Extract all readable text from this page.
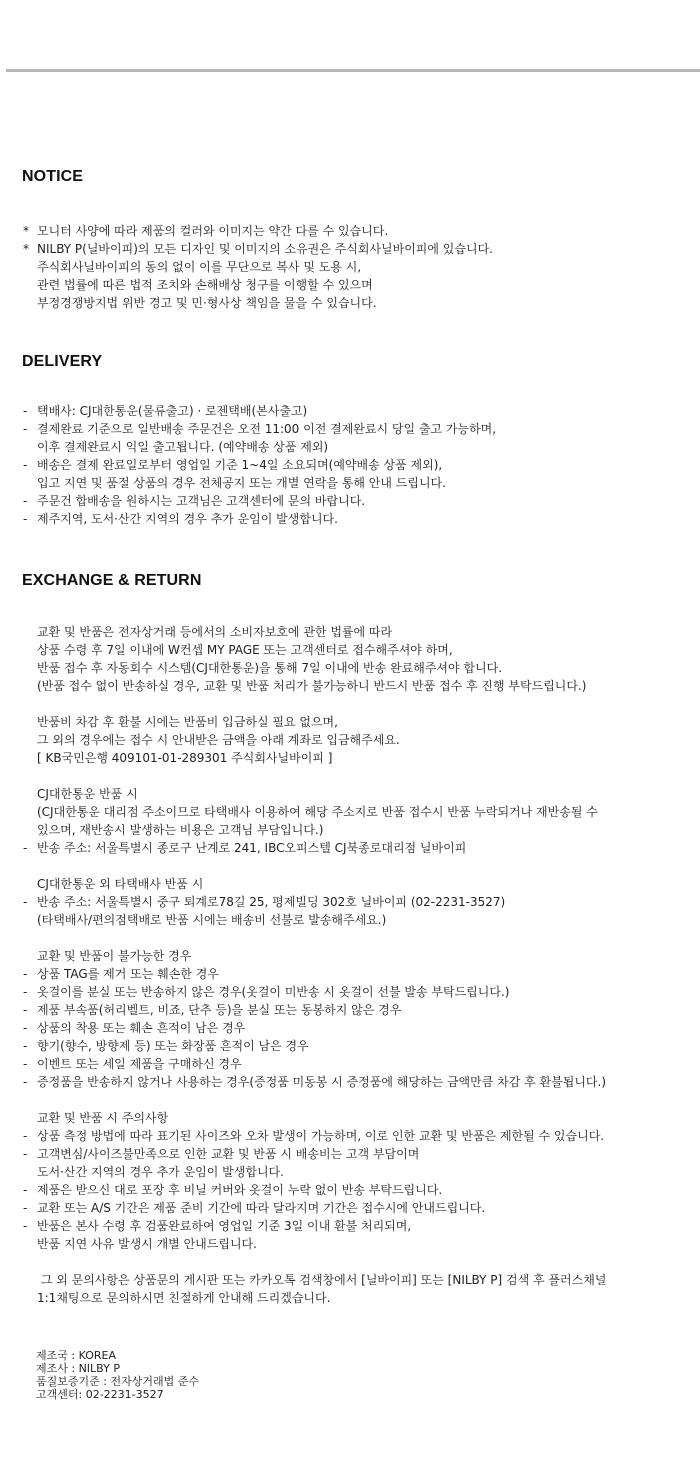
NOTICE
* 모니터 사양에 따라 제품의 컬러와 이미지는 약간 다를 수 있습니다.
* NILBY P(닐바이피)의 모든 디자인 및 이미지의 소유권은 주식회사닐바이피에 있습니다.
주식회사닐바이피의 동의 없이 이를 무단으로 복사 및 도용 시,
관련 법률에 따른 법적 조치와 손해배상 청구를 이행할 수 있으며
부정경쟁방지법 위반 경고 및 민·형사상 책임을 물을 수 있습니다.
DELIVERY
- 택배사: CJ대한통운(물류출고) · 로젠택배(본사출고)
- 결제완료 기준으로 일반배송 주문건은 오전 11:00 이전 결제완료시 당일 출고 가능하며,
이후 결제완료시 익일 출고됩니다. (예약배송 상품 제외)
- 배송은 결제 완료일로부터 영업일 기준 1~4일 소요되며(예약배송 상품 제외),
입고 지연 및 품절 상품의 경우 전체공지 또는 개별 연락을 통해 안내 드립니다.
- 주문건 합배송을 원하시는 고객님은 고객센터에 문의 바랍니다.
- 제주지역, 도서·산간 지역의 경우 추가 운임이 발생합니다.
EXCHANGE & RETURN
교환 및 반품은 전자상거래 등에서의 소비자보호에 관한 법률에 따라
상품 수령 후 7일 이내에 W컨셉 MY PAGE 또는 고객센터로 접수해주셔야 하며,
반품 접수 후 자동회수 시스템(CJ대한통운)을 통해 7일 이내에 반송 완료해주셔야 합니다.
(반품 접수 없이 반송하실 경우, 교환 및 반품 처리가 불가능하니 반드시 반품 접수 후 진행 부탁드립니다.)
반품비 차감 후 환불 시에는 반품비 입금하실 필요 없으며,
그 외의 경우에는 접수 시 안내받은 금액을 아래 계좌로 입금해주세요.
[ KB국민은행 409101-01-289301 주식회사닐바이피 ]
CJ대한통운 반품 시
(CJ대한통운 대리점 주소이므로 타택배사 이용하여 해당 주소지로 반품 접수시 반품 누락되거나 재반송될 수
있으며, 재반송시 발생하는 비용은 고객님 부담입니다.)
- 반송 주소: 서울특별시 종로구 난계로 241, IBC오피스텔 CJ북종로대리점 닐바이피
CJ대한통운 외 타택배사 반품 시
- 반송 주소: 서울특별시 중구 퇴계로78길 25, 평제빌딩 302호 닐바이피 (02-2231-3527)
(타택배사/편의점택배로 반품 시에는 배송비 선불로 발송해주세요.)
교환 및 반품이 불가능한 경우
- 상품 TAG를 제거 또는 훼손한 경우
- 옷걸이를 분실 또는 반송하지 않은 경우(옷걸이 미반송 시 옷걸이 선불 발송 부탁드립니다.)
- 제품 부속품(허리벨트, 비죠, 단추 등)을 분실 또는 동봉하지 않은 경우
- 상품의 착용 또는 훼손 흔적이 남은 경우
- 향기(향수, 방향제 등) 또는 화장품 흔적이 남은 경우
- 이벤트 또는 세일 제품을 구매하신 경우
- 증정품을 반송하지 않거나 사용하는 경우(증정품 미동봉 시 증정품에 해당하는 금액만큼 차감 후 환불됩니다.)
교환 및 반품 시 주의사항
- 상품 측정 방법에 따라 표기된 사이즈와 오차 발생이 가능하며, 이로 인한 교환 및 반품은 제한될 수 있습니다.
- 고객변심/사이즈불만족으로 인한 교환 및 반품 시 배송비는 고객 부담이며
도서·산간 지역의 경우 추가 운임이 발생합니다.
- 제품은 받으신 대로 포장 후 비닐 커버와 옷걸이 누락 없이 반송 부탁드립니다.
- 교환 또는 A/S 기간은 제품 준비 기간에 따라 달라지며 기간은 접수시에 안내드립니다.
- 반품은 본사 수령 후 검품완료하여 영업일 기준 3일 이내 환불 처리되며,
반품 지연 사유 발생시 개별 안내드립니다.
그 외 문의사항은 상품문의 게시판 또는 카카오톡 검색창에서 [닐바이피] 또는 [NILBY P] 검색 후 플러스채널
1:1채팅으로 문의하시면 친절하게 안내해 드리겠습니다.
제조국 : KOREA
제조사 : NILBY P
품질보증기준 : 전자상거래법 준수
고객센터: 02-2231-3527
